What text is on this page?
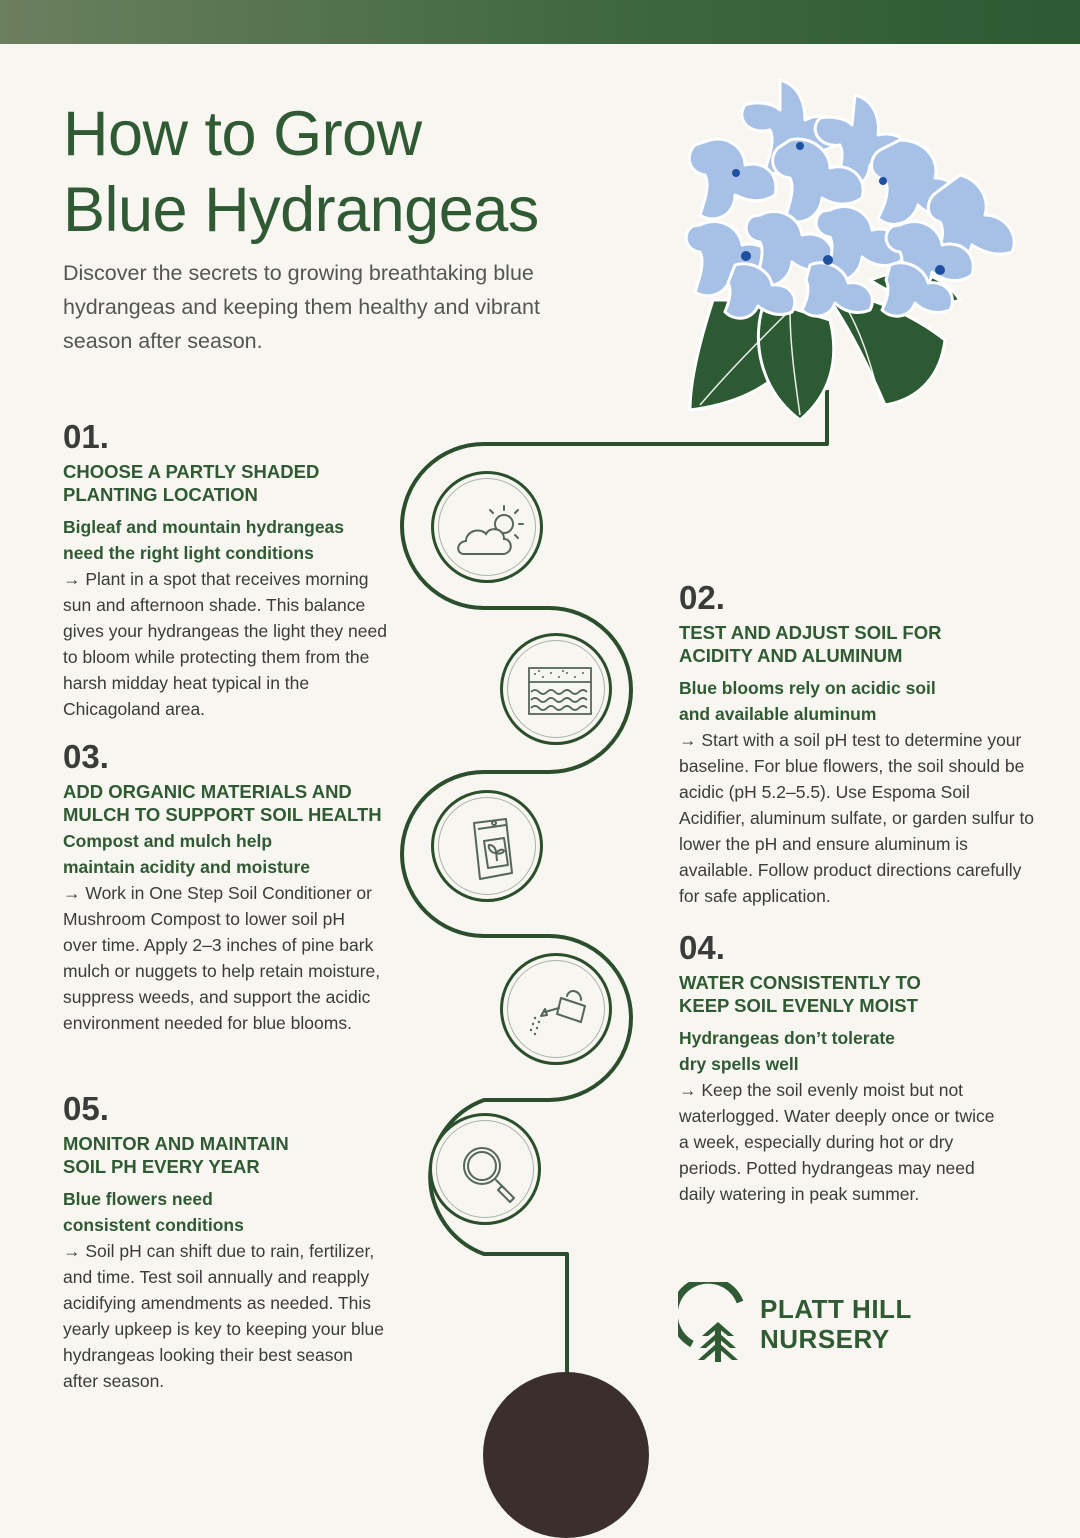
How to Grow
Blue Hydrangeas

Discover the secrets to growing breathtaking blue hydrangeas and keeping them healthy and vibrant season after season.

01.

CHOOSE A PARTLY SHADED PLANTING LOCATION

Bigleaf and mountain hydrangeas need the right light conditions

→ Plant in a spot that receives morning sun and afternoon shade. This balance gives your hydrangeas the light they need to bloom while protecting them from the harsh midday heat typical in the Chicagoland area.

02.

TEST AND ADJUST SOIL FOR ACIDITY AND ALUMINUM

Blue blooms rely on acidic soil and available aluminum

→ Start with a soil pH test to determine your baseline. For blue flowers, the soil should be acidic (pH 5.2–5.5). Use Espoma Soil Acidifier, aluminum sulfate, or garden sulfur to lower the pH and ensure aluminum is available. Follow product directions carefully for safe application.

03.

ADD ORGANIC MATERIALS AND MULCH TO SUPPORT SOIL HEALTH

Compost and mulch help maintain acidity and moisture

→ Work in One Step Soil Conditioner or Mushroom Compost to lower soil pH over time. Apply 2–3 inches of pine bark mulch or nuggets to help retain moisture, suppress weeds, and support the acidic environment needed for blue blooms.

04.

WATER CONSISTENTLY TO KEEP SOIL EVENLY MOIST

Hydrangeas don’t tolerate dry spells well

→ Keep the soil evenly moist but not waterlogged. Water deeply once or twice a week, especially during hot or dry periods. Potted hydrangeas may need daily watering in peak summer.

05.

MONITOR AND MAINTAIN SOIL PH EVERY YEAR

Blue flowers need consistent conditions

→ Soil pH can shift due to rain, fertilizer, and time. Test soil annually and reapply acidifying amendments as needed. This yearly upkeep is key to keeping your blue hydrangeas looking their best season after season.

PLATT HILL
NURSERY
